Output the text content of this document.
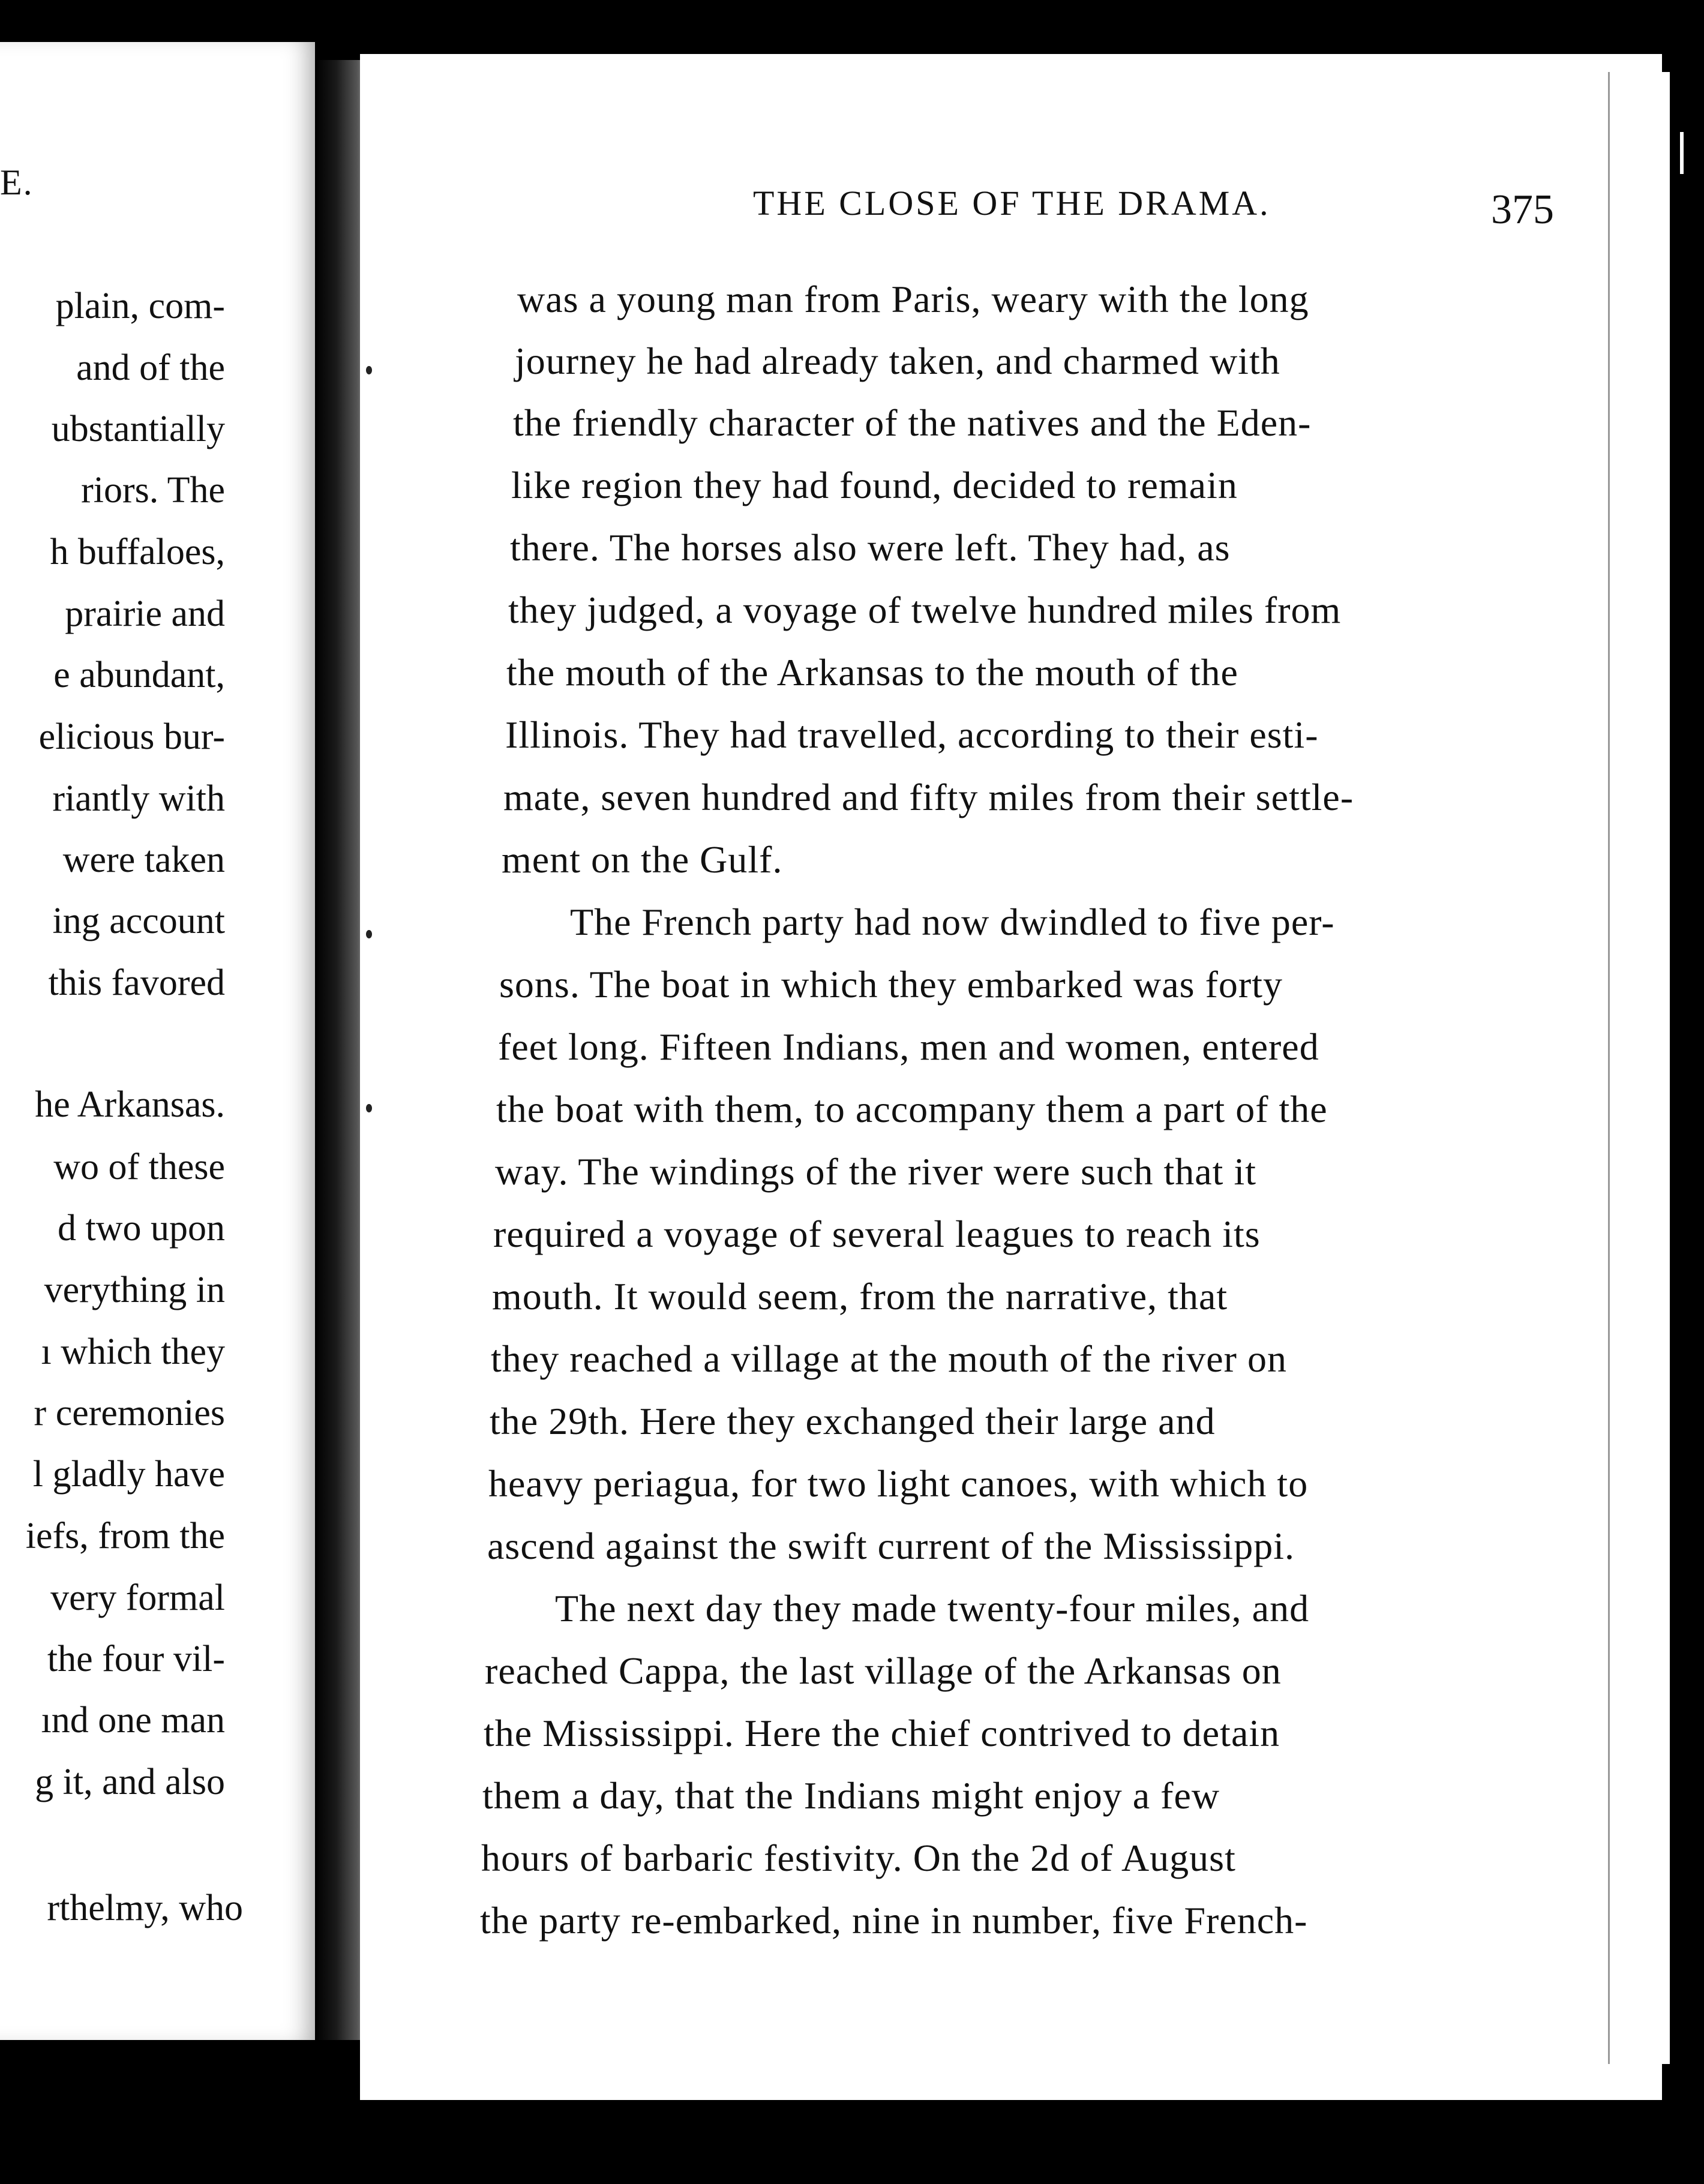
E.
plain, com-
and of the
ubstantially
riors. The
h buffaloes,
prairie and
e abundant,
elicious bur-
riantly with
were taken
ing account
this favored
he Arkansas.
wo of these
d two upon
verything in
ı which they
r ceremonies
l gladly have
iefs, from the
very formal
the four vil-
ınd one man
g it, and also
rthelmy, who
THE CLOSE OF THE DRAMA.	375
was a young man from Paris, weary with the long
journey he had already taken, and charmed with
the friendly character of the natives and the Eden-
like region they had found, decided to remain
there. The horses also were left. They had, as
they judged, a voyage of twelve hundred miles from
the mouth of the Arkansas to the mouth of the
Illinois. They had travelled, according to their esti-
mate, seven hundred and fifty miles from their settle-
ment on the Gulf.
The French party had now dwindled to five per-
sons. The boat in which they embarked was forty
feet long. Fifteen Indians, men and women, entered
the boat with them, to accompany them a part of the
way. The windings of the river were such that it
required a voyage of several leagues to reach its
mouth. It would seem, from the narrative, that
they reached a village at the mouth of the river on
the 29th. Here they exchanged their large and
heavy periagua, for two light canoes, with which to
ascend against the swift current of the Mississippi.
The next day they made twenty-four miles, and
reached Cappa, the last village of the Arkansas on
the Mississippi. Here the chief contrived to detain
them a day, that the Indians might enjoy a few
hours of barbaric festivity. On the 2d of August
the party re-embarked, nine in number, five French-
